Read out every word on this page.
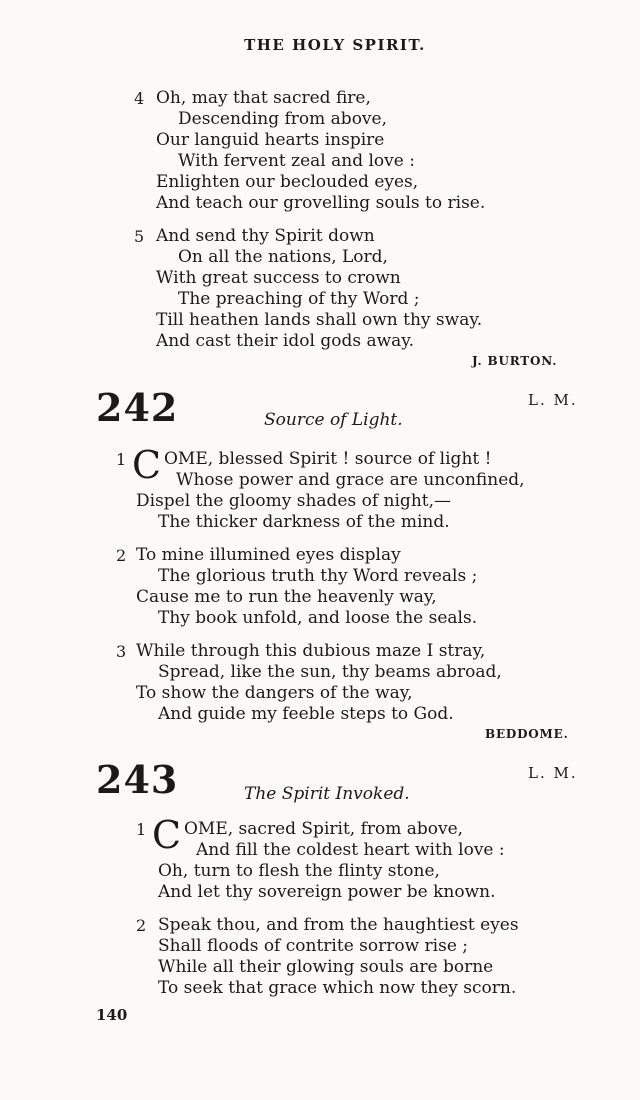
THE HOLY SPIRIT.
4 Oh, may that sacred fire,
Descending from above,
Our languid hearts inspire
With fervent zeal and love :
Enlighten our beclouded eyes,
And teach our grovelling souls to rise.
5 And send thy Spirit down
On all the nations, Lord,
With great success to crown
The preaching of thy Word ;
Till heathen lands shall own thy sway.
And cast their idol gods away.
J. BURTON.
242	Source of Light.
L. M.
1 C OME, blessed Spirit ! source of light !
Whose power and grace are unconfined,
Dispel the gloomy shades of night,—
The thicker darkness of the mind.
2 To mine illumined eyes display
The glorious truth thy Word reveals ;
Cause me to run the heavenly way,
Thy book unfold, and loose the seals.
3 While through this dubious maze I stray,
Spread, like the sun, thy beams abroad,
To show the dangers of the way,
And guide my feeble steps to God.
BEDDOME.
243	The Spirit Invoked.
L. M.
1 C OME, sacred Spirit, from above,
And fill the coldest heart with love :
Oh, turn to flesh the flinty stone,
And let thy sovereign power be known.
2 Speak thou, and from the haughtiest eyes
Shall floods of contrite sorrow rise ;
While all their glowing souls are borne
To seek that grace which now they scorn.
140
